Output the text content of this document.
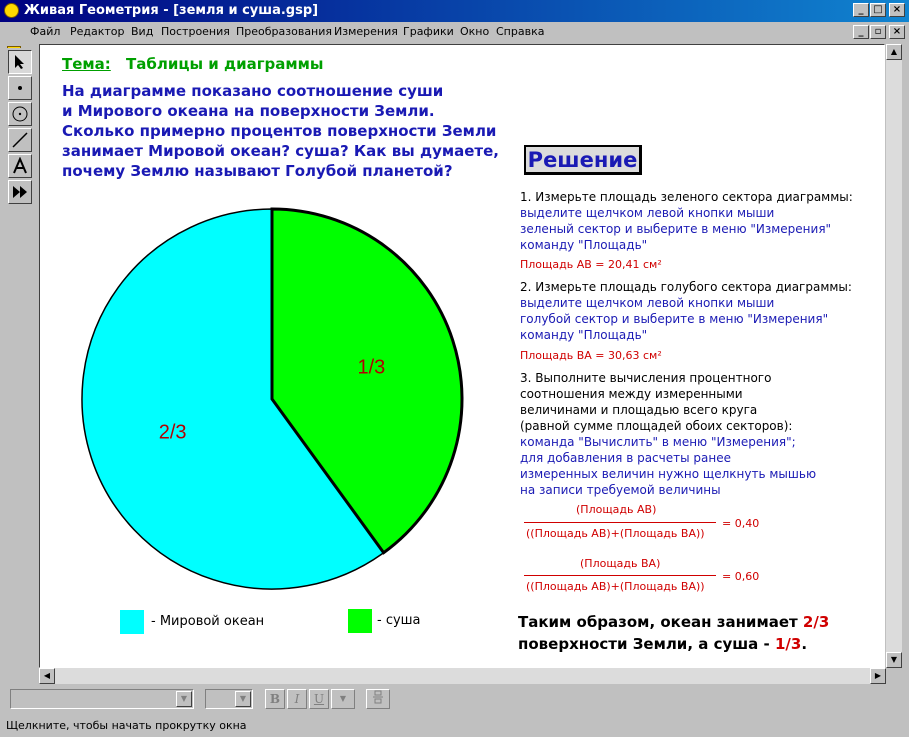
Живая Геометрия - [земля и суша.gsp]	_ □	×
Файл Редактор Вид Построения Преобразования Измерения Графики Окно Справка	_	▫	×
Тема: Таблицы и диаграммы
На диаграмме показано соотношение суши
и Мирового океана на поверхности Земли.
Сколько примерно процентов поверхности Земли
занимает Мировой океан? суша? Как вы думаете,
почему Землю называют Голубой планетой?
2/3
1/3
- Мировой океан	- суша
Решение
1. Измерьте площадь зеленого сектора диаграммы:
выделите щелчком левой кнопки мыши
зеленый сектор и выберите в меню "Измерения"
команду "Площадь"
Площадь AB = 20,41 см²
2. Измерьте площадь голубого сектора диаграммы:
выделите щелчком левой кнопки мыши
голубой сектор и выберите в меню "Измерения"
команду "Площадь"
Площадь BA = 30,63 см²
3. Выполните вычисления процентного
соотношения между измеренными
величинами и площадью всего круга
(равной сумме площадей обоих секторов):
команда "Вычислить" в меню "Измерения";
для добавления в расчеты ранее
измеренных величин нужно щелкнуть мышью
на записи требуемой величины
(Площадь AB)
((Площадь AB)+(Площадь BA))
= 0,40
(Площадь BA)
((Площадь AB)+(Площадь BA))
= 0,60
Таким образом, океан занимает 2/3
поверхности Земли, а суша - 1/3.
▲
▼
◀	▶
▼	▼	B	I	U	▼
Щелкните, чтобы начать прокрутку окна
